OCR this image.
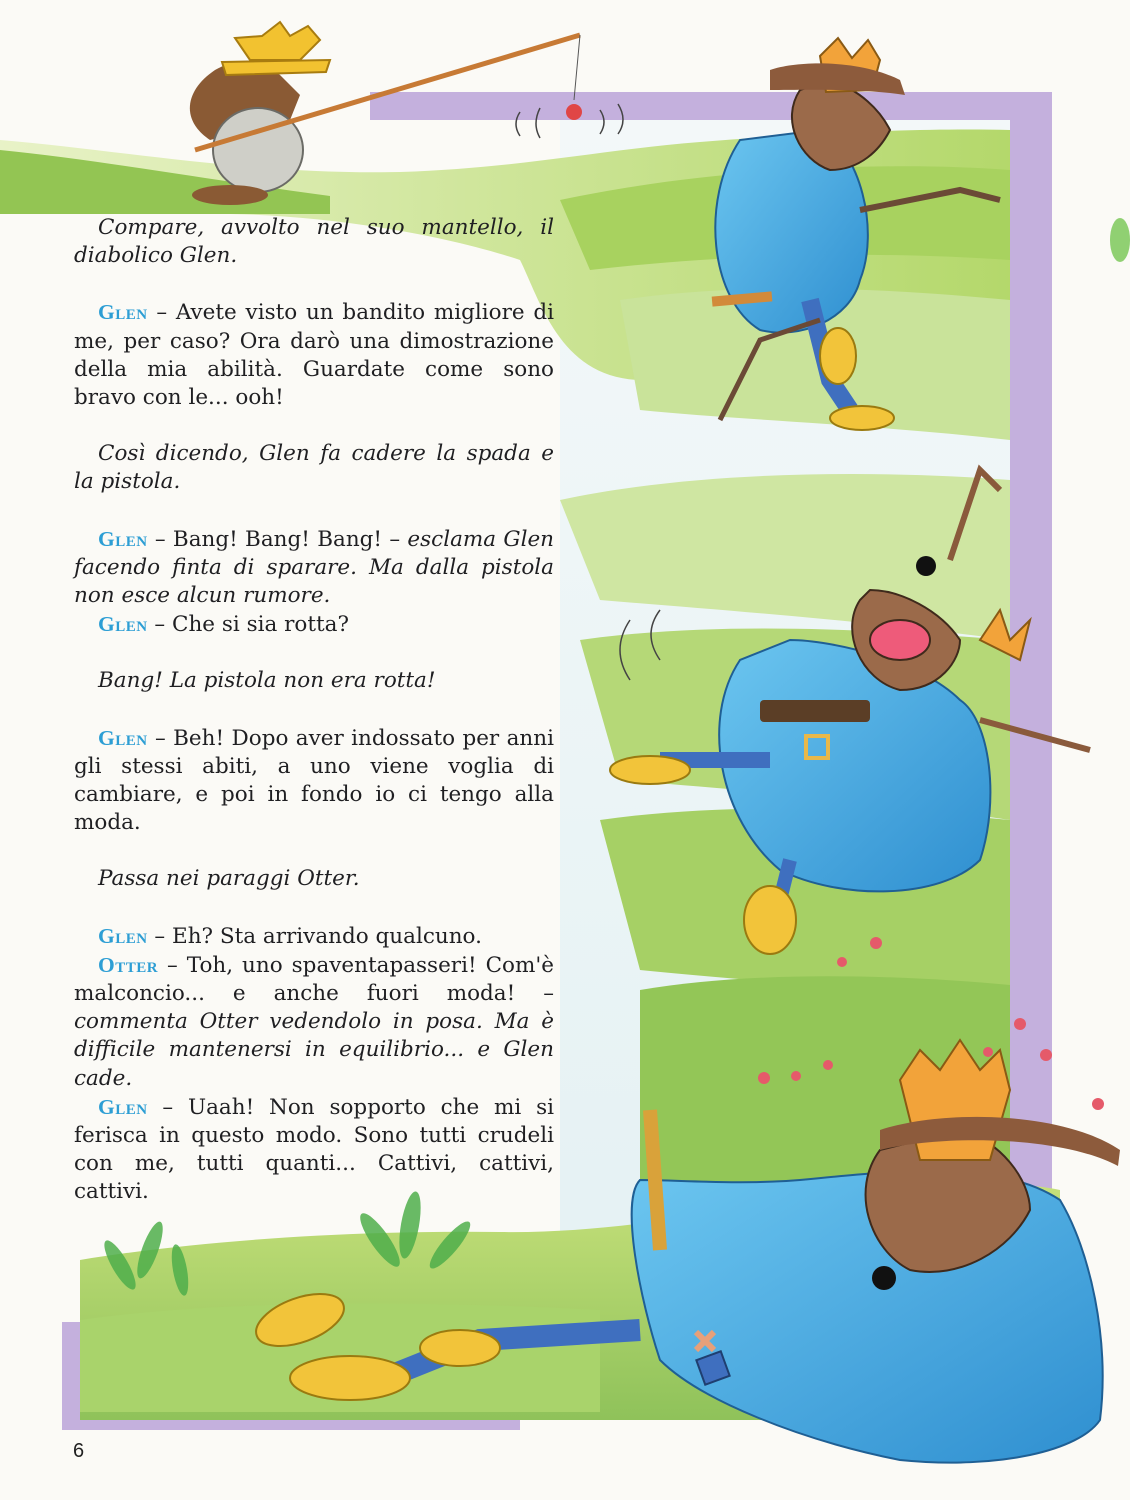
Compare, avvolto nel suo mantello, il diabolico Glen.

Glen – Avete visto un bandito migliore di me, per caso? Ora darò una dimostrazione della mia abilità. Guardate come sono bravo con le... ooh!

Così dicendo, Glen fa cadere la spada e la pistola.

Glen – Bang! Bang! Bang! – esclama Glen facendo finta di sparare. Ma dalla pistola non esce alcun rumore.

Glen – Che si sia rotta?

Bang! La pistola non era rotta!

Glen – Beh! Dopo aver indossato per anni gli stessi abiti, a uno viene voglia di cambiare, e poi in fondo io ci tengo alla moda.

Passa nei paraggi Otter.

Glen – Eh? Sta arrivando qualcuno.

Otter – Toh, uno spaventapasseri! Com'è malconcio... e anche fuori moda! – commenta Otter vedendolo in posa. Ma è difficile mantenersi in equilibrio... e Glen cade.

Glen – Uaah! Non sopporto che mi si ferisca in questo modo. Sono tutti crudeli con me, tutti quanti... Cattivi, cattivi, cattivi.

6
